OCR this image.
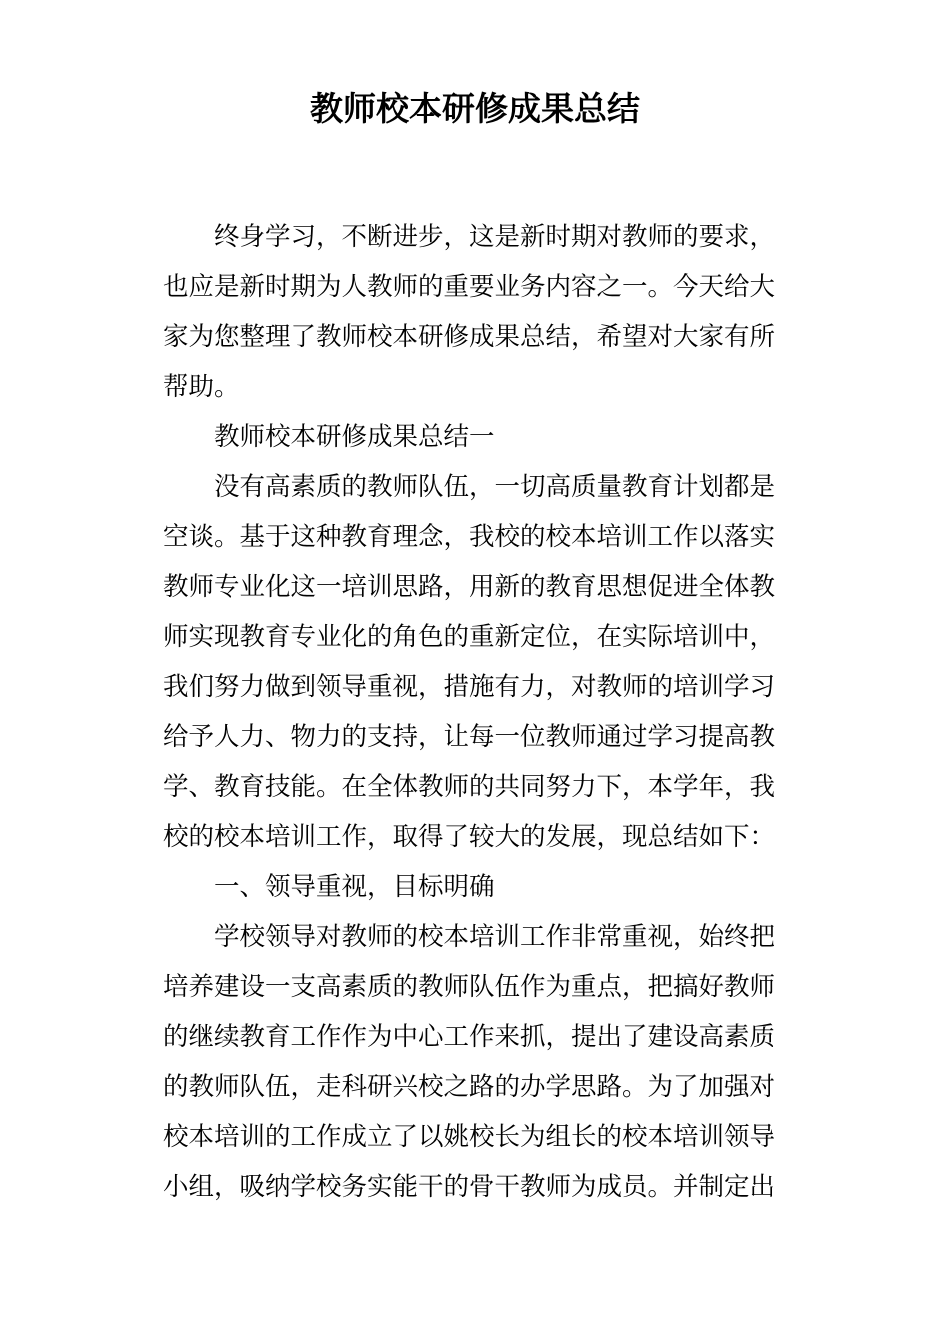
教师校本研修成果总结

终身学习，不断进步，这是新时期对教师的要求，也应是新时期为人教师的重要业务内容之一。今天给大家为您整理了教师校本研修成果总结，希望对大家有所帮助。

教师校本研修成果总结一

没有高素质的教师队伍，一切高质量教育计划都是空谈。基于这种教育理念，我校的校本培训工作以落实教师专业化这一培训思路，用新的教育思想促进全体教师实现教育专业化的角色的重新定位，在实际培训中，我们努力做到领导重视，措施有力，对教师的培训学习给予人力、物力的支持，让每一位教师通过学习提高教学、教育技能。在全体教师的共同努力下，本学年，我校的校本培训工作，取得了较大的发展，现总结如下：

一、领导重视，目标明确

学校领导对教师的校本培训工作非常重视，始终把培养建设一支高素质的教师队伍作为重点，把搞好教师的继续教育工作作为中心工作来抓，提出了建设高素质的教师队伍，走科研兴校之路的办学思路。为了加强对校本培训的工作成立了以姚校长为组长的校本培训领导小组，吸纳学校务实能干的骨干教师为成员。并制定出
